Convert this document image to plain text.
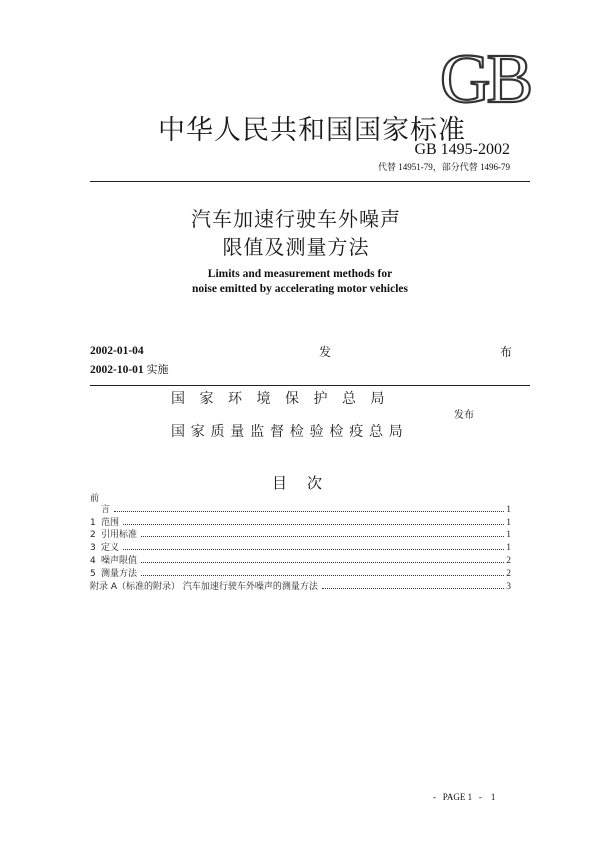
GB
中华人民共和国国家标准
GB 1495-2002
代替 14951-79，部分代替 1496-79
汽车加速行驶车外噪声
限值及测量方法
Limits and measurement methods for
noise emitted by accelerating motor vehicles
2002-01-04	发	布
2002-10-01 实施
国家环境保护总局
发布
国家质量监督检验检疫总局
目次
前
言	1
1 范围	1
2 引用标准	1
3 定义	1
4 噪声限值	2
5 测量方法	2
附录 A（标准的附录） 汽车加速行驶车外噪声的测量方法	3
-   PAGE 1   -    1
